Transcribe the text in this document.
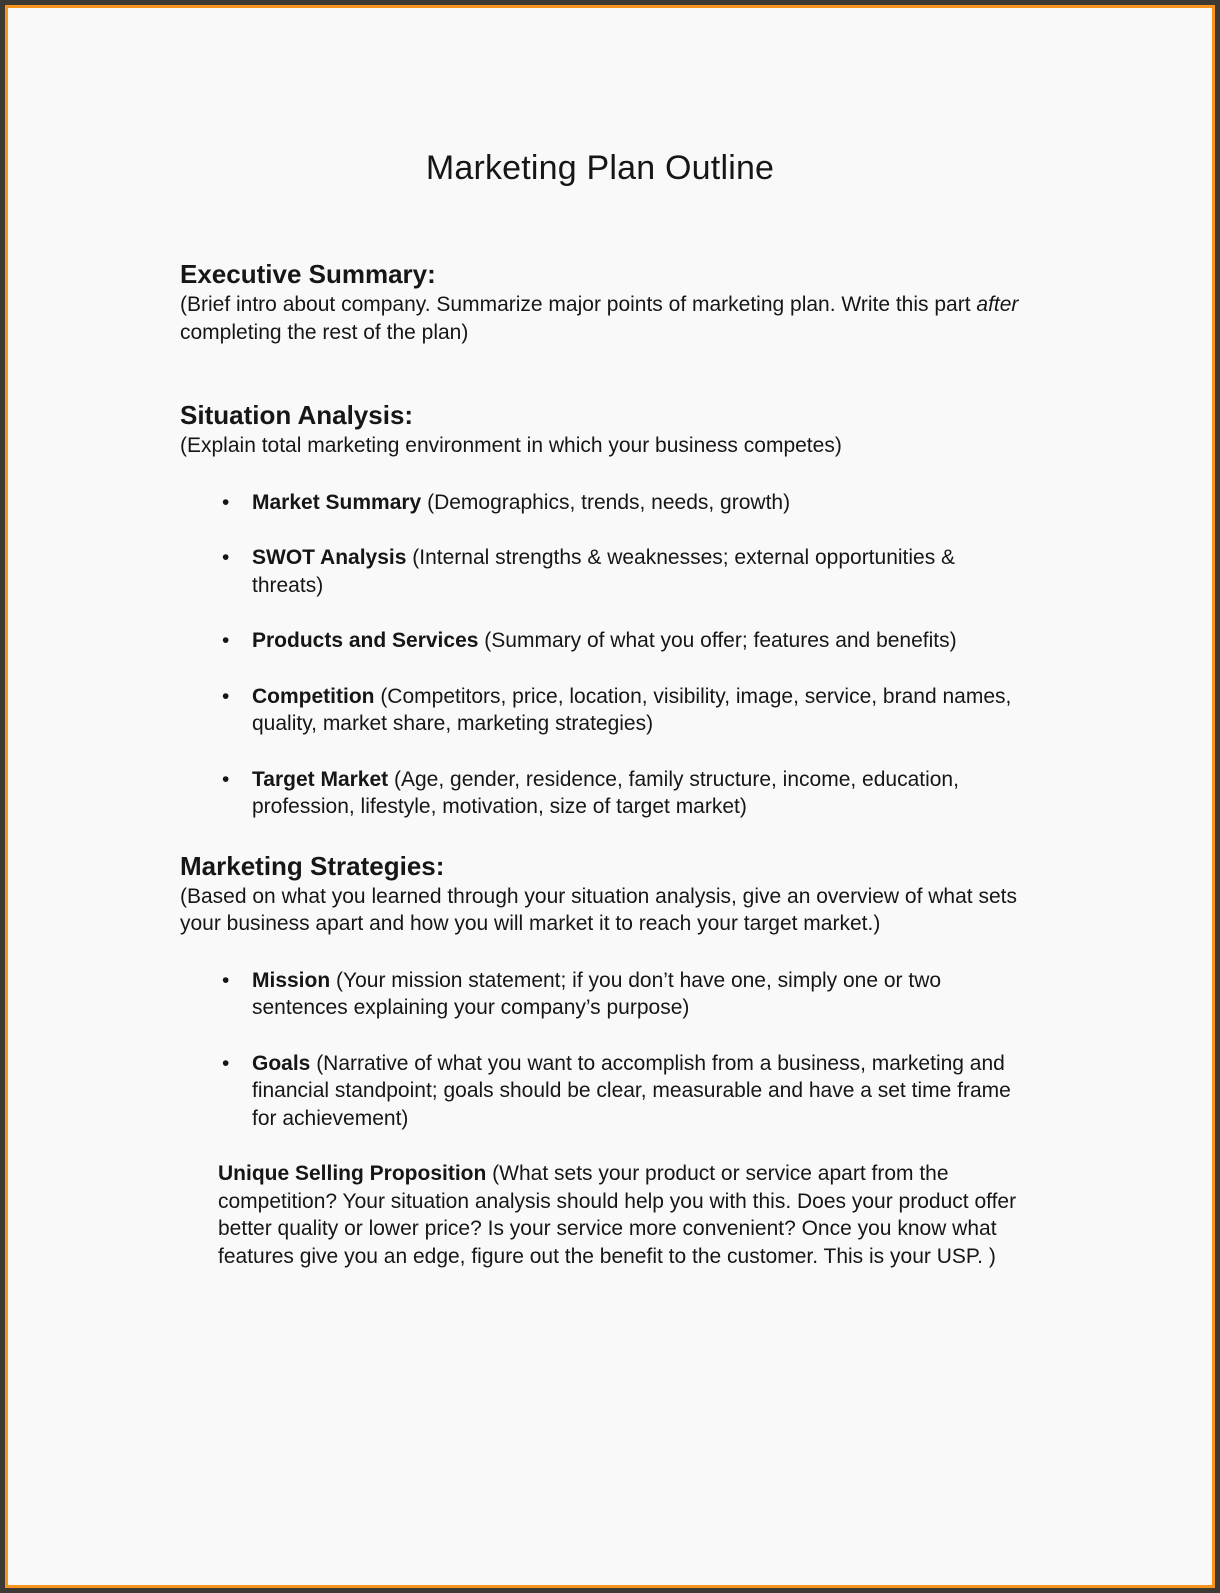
Marketing Plan Outline
Executive Summary:

(Brief intro about company. Summarize major points of marketing plan. Write this part after completing the rest of the plan)

Situation Analysis:

(Explain total marketing environment in which your business competes)

•	Market Summary (Demographics, trends, needs, growth)
•	SWOT Analysis (Internal strengths & weaknesses; external opportunities & threats)
•	Products and Services (Summary of what you offer; features and benefits)
•	Competition (Competitors, price, location, visibility, image, service, brand names, quality, market share, marketing strategies)
•	Target Market (Age, gender, residence, family structure, income, education, profession, lifestyle, motivation, size of target market)
Marketing Strategies:

(Based on what you learned through your situation analysis, give an overview of what sets your business apart and how you will market it to reach your target market.)

•	Mission (Your mission statement; if you don’t have one, simply one or two sentences explaining your company’s purpose)
•	Goals (Narrative of what you want to accomplish from a business, marketing and financial standpoint; goals should be clear, measurable and have a set time frame for achievement)

Unique Selling Proposition (What sets your product or service apart from the competition? Your situation analysis should help you with this. Does your product offer better quality or lower price? Is your service more convenient? Once you know what features give you an edge, figure out the benefit to the customer. This is your USP. )
